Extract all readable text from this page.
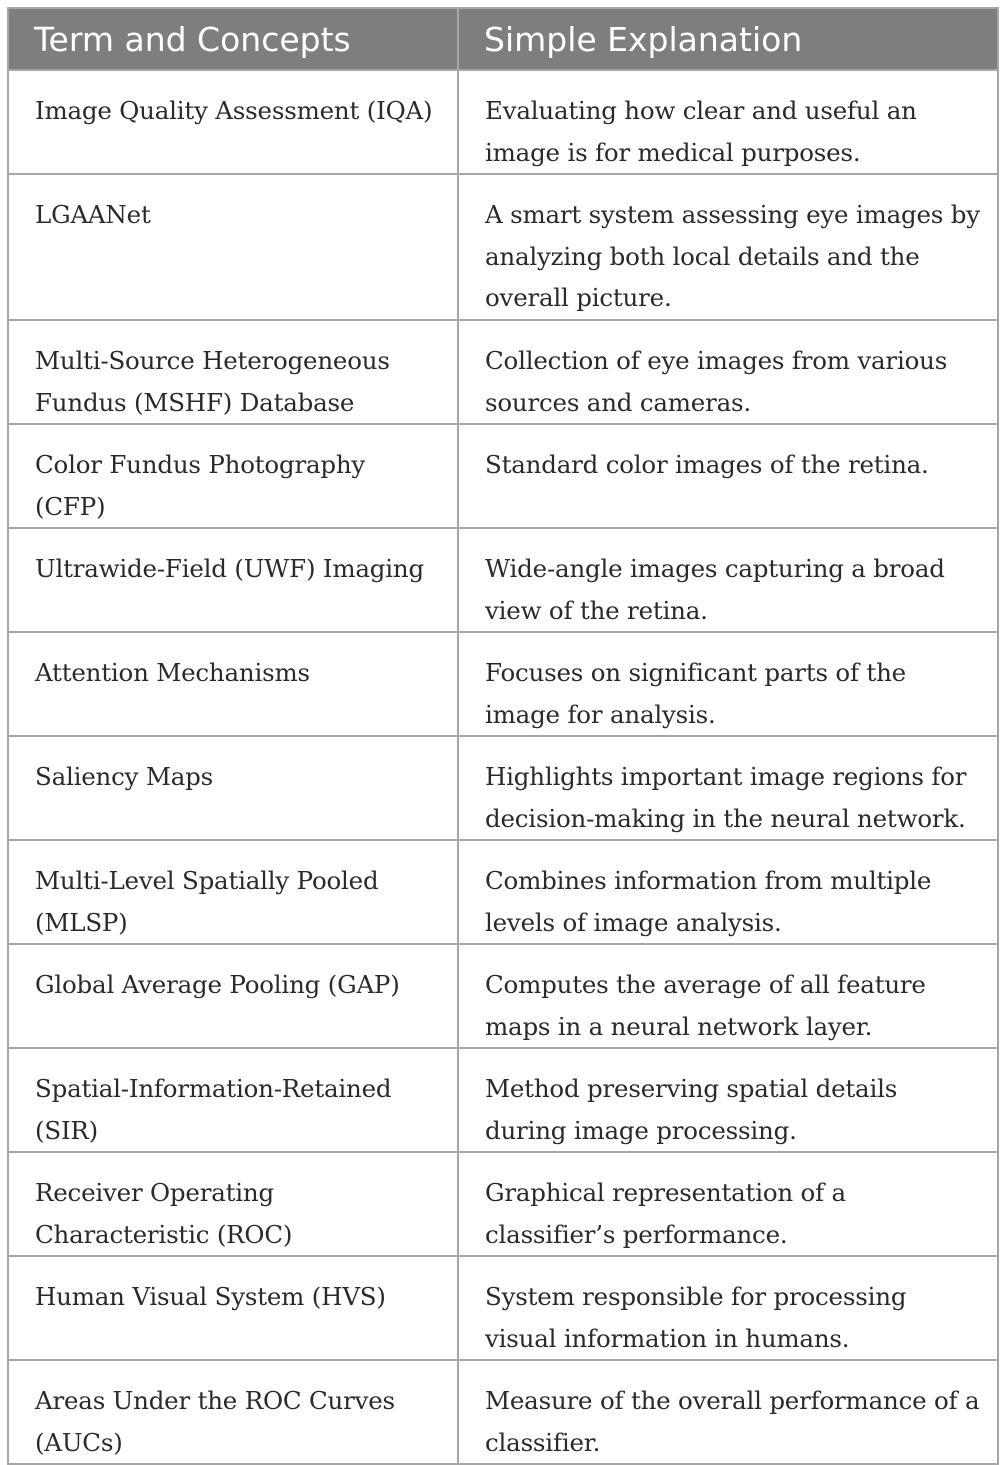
Term and Concepts	Simple Explanation
Image Quality Assessment (IQA)	Evaluating how clear and useful an image is for medical purposes.
LGAANet	A smart system assessing eye images by analyzing both local details and the overall picture.
Multi-Source Heterogeneous Fundus (MSHF) Database	Collection of eye images from various sources and cameras.
Color Fundus Photography (CFP)	Standard color images of the retina.
Ultrawide-Field (UWF) Imaging	Wide-angle images capturing a broad view of the retina.
Attention Mechanisms	Focuses on significant parts of the image for analysis.
Saliency Maps	Highlights important image regions for decision-making in the neural network.
Multi-Level Spatially Pooled (MLSP)	Combines information from multiple levels of image analysis.
Global Average Pooling (GAP)	Computes the average of all feature maps in a neural network layer.
Spatial-Information-Retained (SIR)	Method preserving spatial details during image processing.
Receiver Operating Characteristic (ROC)	Graphical representation of a classifier’s performance.
Human Visual System (HVS)	System responsible for processing visual information in humans.
Areas Under the ROC Curves (AUCs)	Measure of the overall performance of a classifier.
